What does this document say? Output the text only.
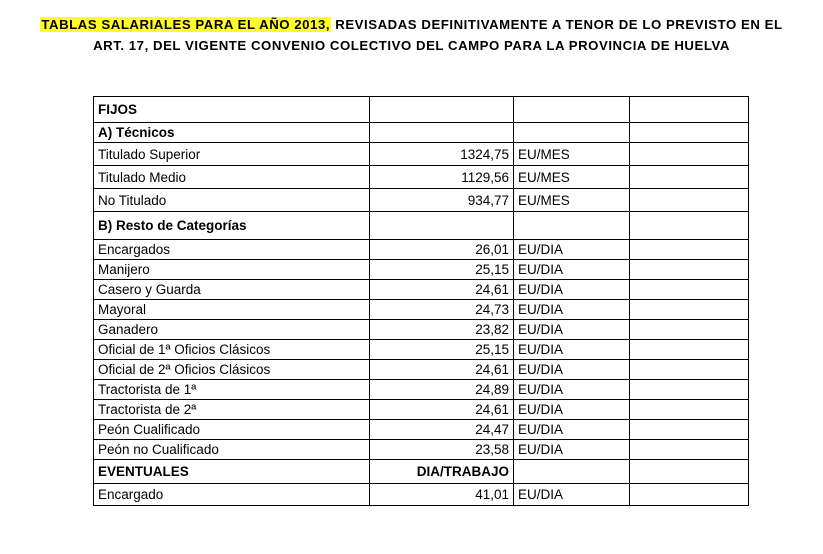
TABLAS SALARIALES PARA EL AÑO 2013, REVISADAS DEFINITIVAMENTE A TENOR DE LO PREVISTO EN EL
ART. 17, DEL VIGENTE CONVENIO COLECTIVO DEL CAMPO PARA LA PROVINCIA DE HUELVA
FIJOS			
A) Técnicos			
Titulado Superior	1324,75	EU/MES	
Titulado Medio	1129,56	EU/MES	
No Titulado	934,77	EU/MES	
B) Resto de Categorías			
Encargados	26,01	EU/DIA	
Manijero	25,15	EU/DIA	
Casero y Guarda	24,61	EU/DIA	
Mayoral	24,73	EU/DIA	
Ganadero	23,82	EU/DIA	
Oficial de 1ª Oficios Clásicos	25,15	EU/DIA	
Oficial de 2ª Oficios Clásicos	24,61	EU/DIA	
Tractorista de 1ª	24,89	EU/DIA	
Tractorista de 2ª	24,61	EU/DIA	
Peón Cualificado	24,47	EU/DIA	
Peón no Cualificado	23,58	EU/DIA	
EVENTUALES	DIA/TRABAJO		
Encargado	41,01	EU/DIA	
